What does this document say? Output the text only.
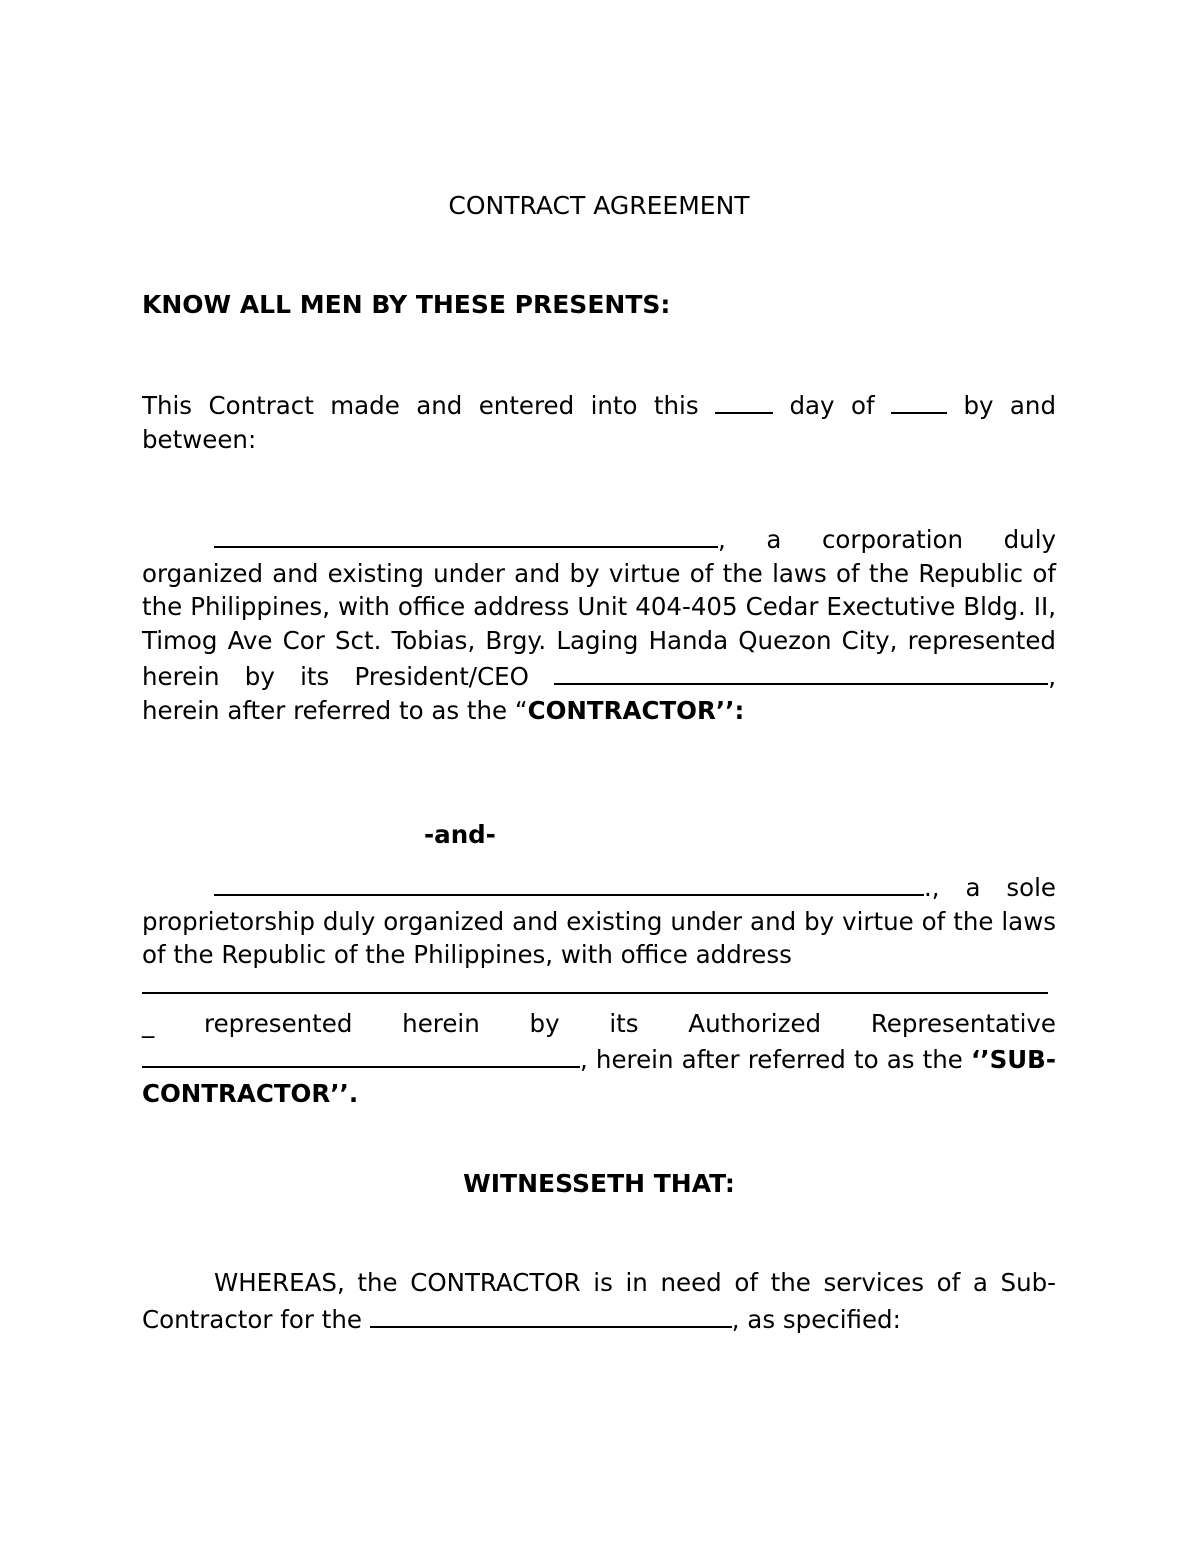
CONTRACT AGREEMENT
KNOW ALL MEN BY THESE PRESENTS:

This Contract made and entered into this	day of	by and between:

, a corporation duly organized and existing under and by virtue of the laws of the Republic of the Philippines, with office address Unit 404-405 Cedar Exectutive Bldg. II, Timog Ave Cor Sct. Tobias, Brgy. Laging Handa Quezon City, represented herein by its President/CEO	, herein after referred to as the “CONTRACTOR’’:

-and-

., a sole proprietorship duly organized and existing under and by virtue of the laws of the Republic of the Philippines, with office address
_ represented herein by its Authorized Representative , herein after referred to as the ‘’SUB-CONTRACTOR’’.

WITNESSETH THAT:

WHEREAS, the CONTRACTOR is in need of the services of a Sub-Contractor for the	, as specified:
